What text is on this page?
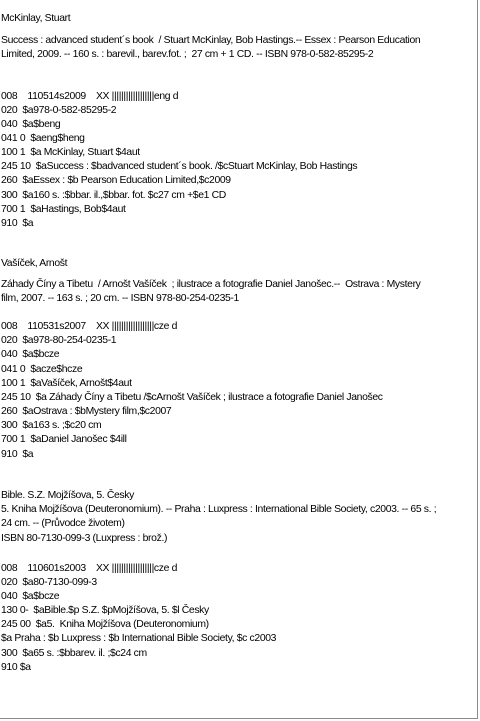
McKinlay, Stuart
Success : advanced student´s book  / Stuart McKinlay, Bob Hastings.-- Essex : Pearson Education
Limited, 2009. -- 160 s. : barevil., barev.fot. ;  27 cm + 1 CD. -- ISBN 978-0-582-85295-2
008    110514s2009    XX ||||||||||||||||||eng d
020  $a978-0-582-85295-2
040  $a$beng
041 0  $aeng$heng
100 1  $a McKinlay, Stuart $4aut
245 10  $aSuccess : $badvanced student´s book. /$cStuart McKinlay, Bob Hastings
260  $aEssex : $b Pearson Education Limited,$c2009
300  $a160 s. :$bbar. il.,$bbar. fot. $c27 cm +$e1 CD
700 1  $aHastings, Bob$4aut
910  $a
Vašíček, Arnošt
Záhady Číny a Tibetu  / Arnošt Vašíček  ; ilustrace a fotografie Daniel Janošec.--  Ostrava : Mystery
film, 2007. -- 163 s. ; 20 cm. -- ISBN 978-80-254-0235-1
008    110531s2007    XX ||||||||||||||||||cze d
020  $a978-80-254-0235-1
040  $a$bcze
041 0  $acze$hcze
100 1  $aVašíček, Arnošt$4aut
245 10  $a Záhady Číny a Tibetu /$cArnošt Vašíček ; ilustrace a fotografie Daniel Janošec
260  $aOstrava : $bMystery film,$c2007
300  $a163 s. ;$c20 cm
700 1  $aDaniel Janošec $4ill
910  $a
Bible. S.Z. Mojžíšova, 5. Česky
5. Kniha Mojžíšova (Deuteronomium). -- Praha : Luxpress : International Bible Society, c2003. -- 65 s. ;
24 cm. -- (Průvodce životem)
ISBN 80-7130-099-3 (Luxpress : brož.)
008    110601s2003    XX ||||||||||||||||||cze d
020  $a80-7130-099-3
040  $a$bcze
130 0-  $aBible.$p S.Z. $pMojžíšova, 5. $l Česky
245 00  $a5.  Kniha Mojžíšova (Deuteronomium)
$a Praha : $b Luxpress : $b International Bible Society, $c c2003
300  $a65 s. :$bbarev. il. ;$c24 cm
910 $a
